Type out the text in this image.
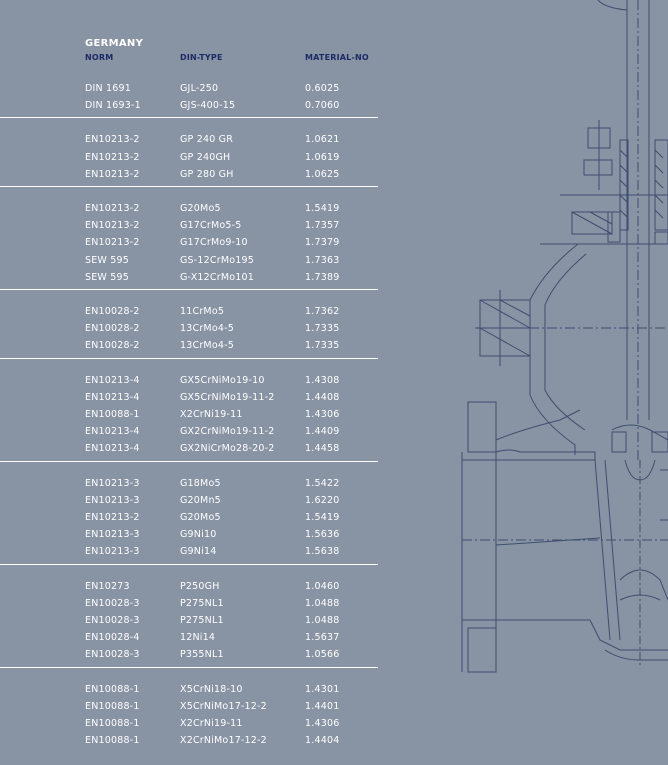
GERMANY
NORM	DIN-TYPE	MATERIAL-NO
DIN 1691	GJL-250	0.6025
DIN 1693-1	GJS-400-15	0.7060
EN10213-2	GP 240 GR	1.0621
EN10213-2	GP 240GH	1.0619
EN10213-2	GP 280 GH	1.0625
EN10213-2	G20Mo5	1.5419
EN10213-2	G17CrMo5-5	1.7357
EN10213-2	G17CrMo9-10	1.7379
SEW 595	GS-12CrMo195	1.7363
SEW 595	G-X12CrMo101	1.7389
EN10028-2	11CrMo5	1.7362
EN10028-2	13CrMo4-5	1.7335
EN10028-2	13CrMo4-5	1.7335
EN10213-4	GX5CrNiMo19-10	1.4308
EN10213-4	GX5CrNiMo19-11-2	1.4408
EN10088-1	X2CrNi19-11	1.4306
EN10213-4	GX2CrNiMo19-11-2	1.4409
EN10213-4	GX2NiCrMo28-20-2	1.4458
EN10213-3	G18Mo5	1.5422
EN10213-3	G20Mn5	1.6220
EN10213-2	G20Mo5	1.5419
EN10213-3	G9Ni10	1.5636
EN10213-3	G9Ni14	1.5638
EN10273	P250GH	1.0460
EN10028-3	P275NL1	1.0488
EN10028-3	P275NL1	1.0488
EN10028-4	12Ni14	1.5637
EN10028-3	P355NL1	1.0566
EN10088-1	X5CrNi18-10	1.4301
EN10088-1	X5CrNiMo17-12-2	1.4401
EN10088-1	X2CrNi19-11	1.4306
EN10088-1	X2CrNiMo17-12-2	1.4404
